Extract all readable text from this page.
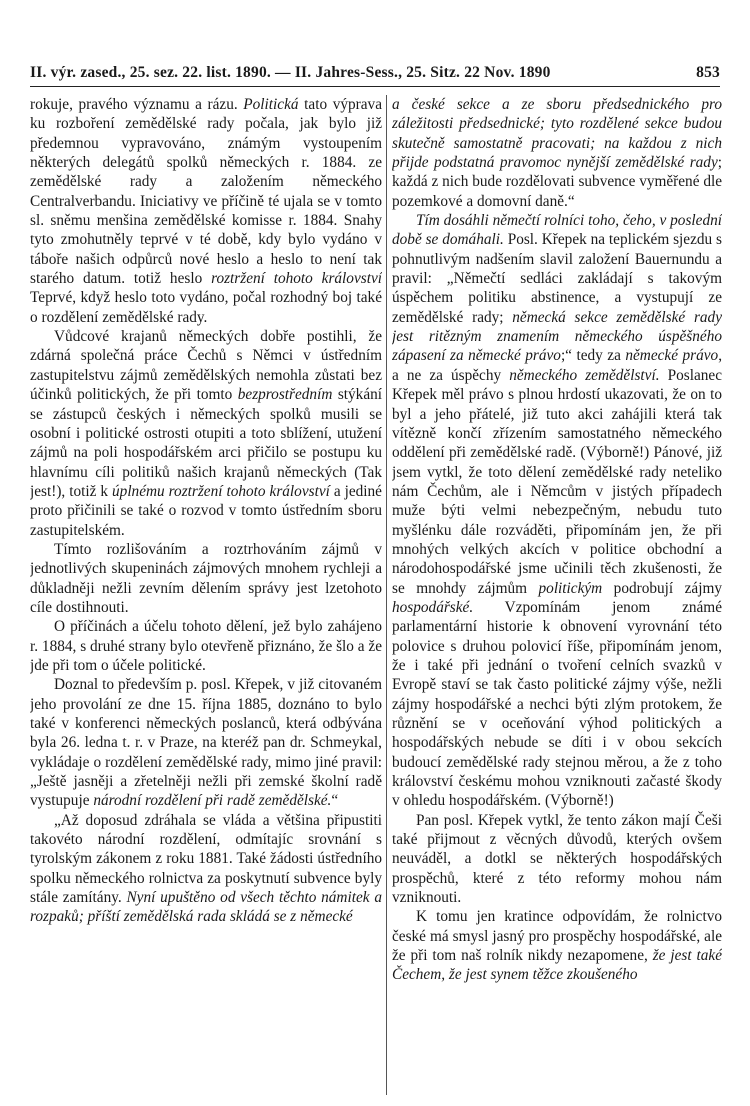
II. výr. zased., 25. sez. 22. list. 1890. — II. Jahres-Sess., 25. Sitz. 22 Nov. 1890	853

rokuje, pravého významu a rázu. Politická tato výprava ku rozboření zemědělské rady počala, jak bylo již předemnou vypravováno, známým vystoupením některých delegátů spolků německých r. 1884. ze zemědělské rady a založením německého Centralverbandu. Iniciativy ve příčině té ujala se v tomto sl. sněmu menšina zemědělské komisse r. 1884. Snahy tyto zmohutněly teprvé v té době, kdy bylo vydáno v táboře našich odpůrců nové heslo a heslo to není tak starého datum. totiž heslo roztržení tohoto království Teprvé, když heslo toto vydáno, počal rozhodný boj také o rozdělení zemědělské rady.

Vůdcové krajanů německých dobře postihli, že zdárná společná práce Čechů s Němci v ústředním zastupitelstvu zájmů zemědělských nemohla zůstati bez účinků politických, že při tomto bezprostředním stýkání se zástupců českých i německých spolků musili se osobní i politické ostrosti otupiti a toto sblížení, utužení zájmů na poli hospodářském arci přičilo se postupu ku hlavnímu cíli politiků našich krajanů německých (Tak jest!), totiž k úplnému roztržení tohoto království a jediné proto přičinili se také o rozvod v tomto ústředním sboru zastupitelském.

Tímto rozlišováním a roztrhováním zájmů v jednotlivých skupeninách zájmových mnohem rychleji a důkladněji nežli zevním dělením správy jest lzetohoto cíle dostihnouti.

O příčinách a účelu tohoto dělení, jež bylo zahájeno r. 1884, s druhé strany bylo otevřeně přiznáno, že šlo a že jde při tom o účele politické.

Doznal to především p. posl. Křepek, v již citovaném jeho provolání ze dne 15. října 1885, doznáno to bylo také v konferenci německých poslanců, která odbývána byla 26. ledna t. r. v Praze, na kteréž pan dr. Schmeykal, vykládaje o rozdělení zemědělské rady, mimo jiné pravil: „Ještě jasněji a zřetelněji nežli při zemské školní radě vystupuje národní rozdělení při radě zemědělské.“

„Až doposud zdráhala se vláda a většina připustiti takovéto národní rozdělení, odmítajíc srovnání s tyrolským zákonem z roku 1881. Také žádosti ústředního spolku německého rolnictva za poskytnutí subvence byly stále zamítány. Nyní upuštěno od všech těchto námitek a rozpaků; příští zemědělská rada skládá se z německé

a české sekce a ze sboru předsednického pro záležitosti předsednické; tyto rozdělené sekce budou skutečně samostatně pracovati; na každou z nich přijde podstatná pravomoc nynější zemědělské rady; každá z nich bude rozdělovati subvence vyměřené dle pozemkové a domovní daně.“

Tím dosáhli němečtí rolníci toho, čeho, v poslední době se domáhali. Posl. Křepek na teplickém sjezdu s pohnutlivým nadšením slavil založení Bauernundu a pravil: „Němečtí sedláci zakládají s takovým úspěchem politiku abstinence, a vystupují ze zemědělské rady; německá sekce zemědělské rady jest ritězným znamením německého úspěšného zápasení za německé právo;“ tedy za německé právo, a ne za úspěchy německého zemědělství. Poslanec Křepek měl právo s plnou hrdostí ukazovati, že on to byl a jeho přátelé, již tuto akci zahájili která tak vítězně končí zřízením samostatného německého oddělení při zemědělské radě. (Výborně!) Pánové, již jsem vytkl, že toto dělení zemědělské rady neteliko nám Čechům, ale i Němcům v jistých případech muže býti velmi nebezpečným, nebudu tuto myšlénku dále rozváděti, připomínám jen, že při mnohých velkých akcích v politice obchodní a národohospodářské jsme učinili těch zkušenosti, že se mnohdy zájmům politickým podrobují zájmy hospodářské. Vzpomínám jenom známé parlamentární historie k obnovení vyrovnání této polovice s druhou polovicí říše, připomínám jenom, že i také při jednání o tvoření celních svazků v Evropě staví se tak často politické zájmy výše, nežli zájmy hospodářské a nechci býti zlým protokem, že různění se v oceňování výhod politických a hospodářských nebude se díti i v obou sekcích budoucí zemědělské rady stejnou měrou, a že z toho království českému mohou vzniknouti začasté škody v ohledu hospodářském. (Výborně!)

Pan posl. Křepek vytkl, že tento zákon mají Češi také přijmout z věcných důvodů, kterých ovšem neuváděl, a dotkl se některých hospodářských prospěchů, které z této reformy mohou nám vzniknouti.

K tomu jen kratince odpovídám, že rolnictvo české má smysl jasný pro prospěchy hospodářské, ale že při tom naš rolník nikdy nezapomene, že jest také Čechem, že jest synem těžce zkoušeného
